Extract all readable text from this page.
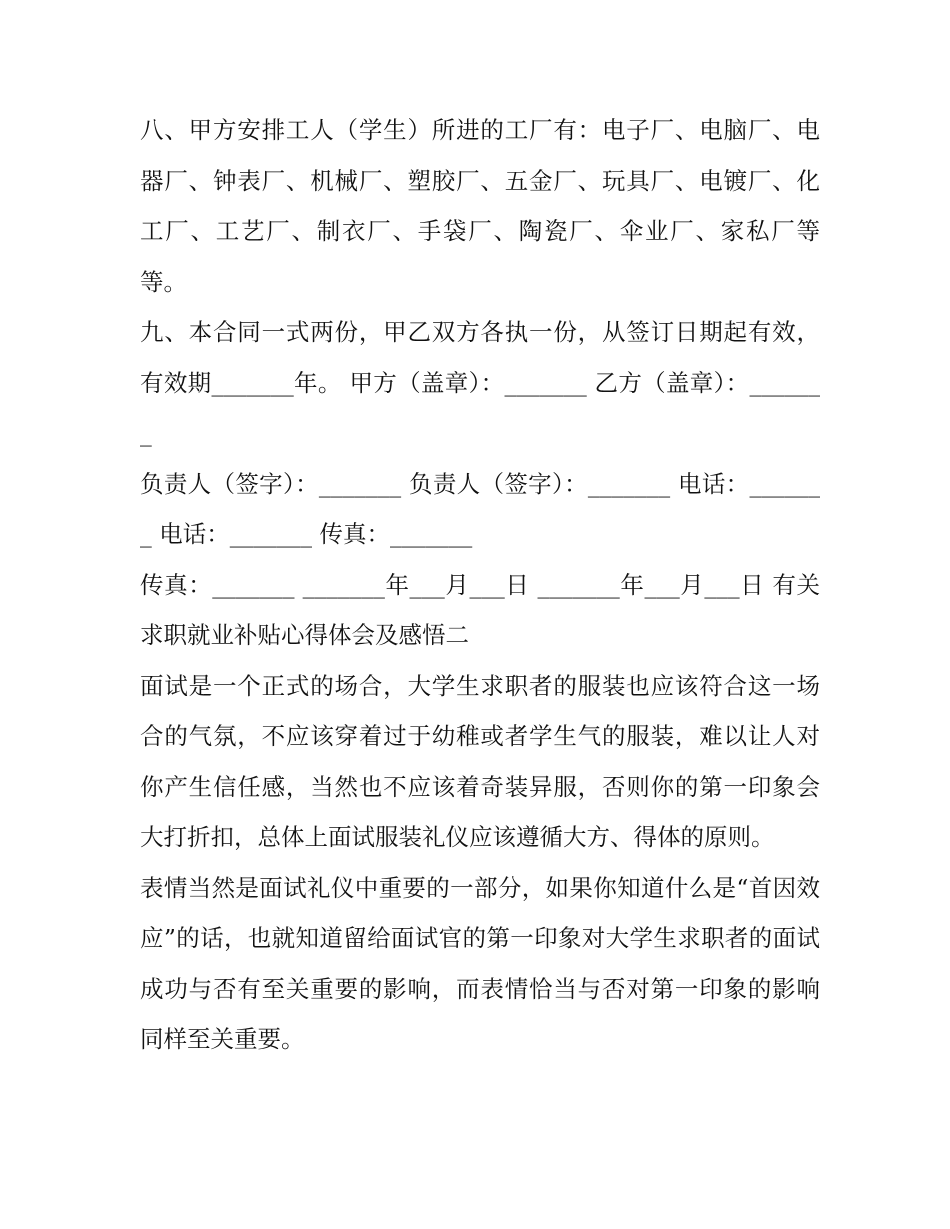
八、甲方安排工人（学生）所进的工厂有：电子厂、电脑厂、电器厂、钟表厂、机械厂、塑胶厂、五金厂、玩具厂、电镀厂、化工厂、工艺厂、制衣厂、手袋厂、陶瓷厂、伞业厂、家私厂等等。

九、本合同一式两份，甲乙双方各执一份，从签订日期起有效，有效期_______年。 甲方（盖章）：_______ 乙方（盖章）：_______

负责人（签字）：_______ 负责人（签字）：_______ 电话：_______ 电话：_______ 传真：_______

传真：_______ _______年___月___日 _______年___月___日 有关求职就业补贴心得体会及感悟二

面试是一个正式的场合，大学生求职者的服装也应该符合这一场合的气氛，不应该穿着过于幼稚或者学生气的服装，难以让人对你产生信任感，当然也不应该着奇装异服，否则你的第一印象会大打折扣，总体上面试服装礼仪应该遵循大方、得体的原则。

表情当然是面试礼仪中重要的一部分，如果你知道什么是“首因效应”的话，也就知道留给面试官的第一印象对大学生求职者的面试成功与否有至关重要的影响，而表情恰当与否对第一印象的影响同样至关重要。
